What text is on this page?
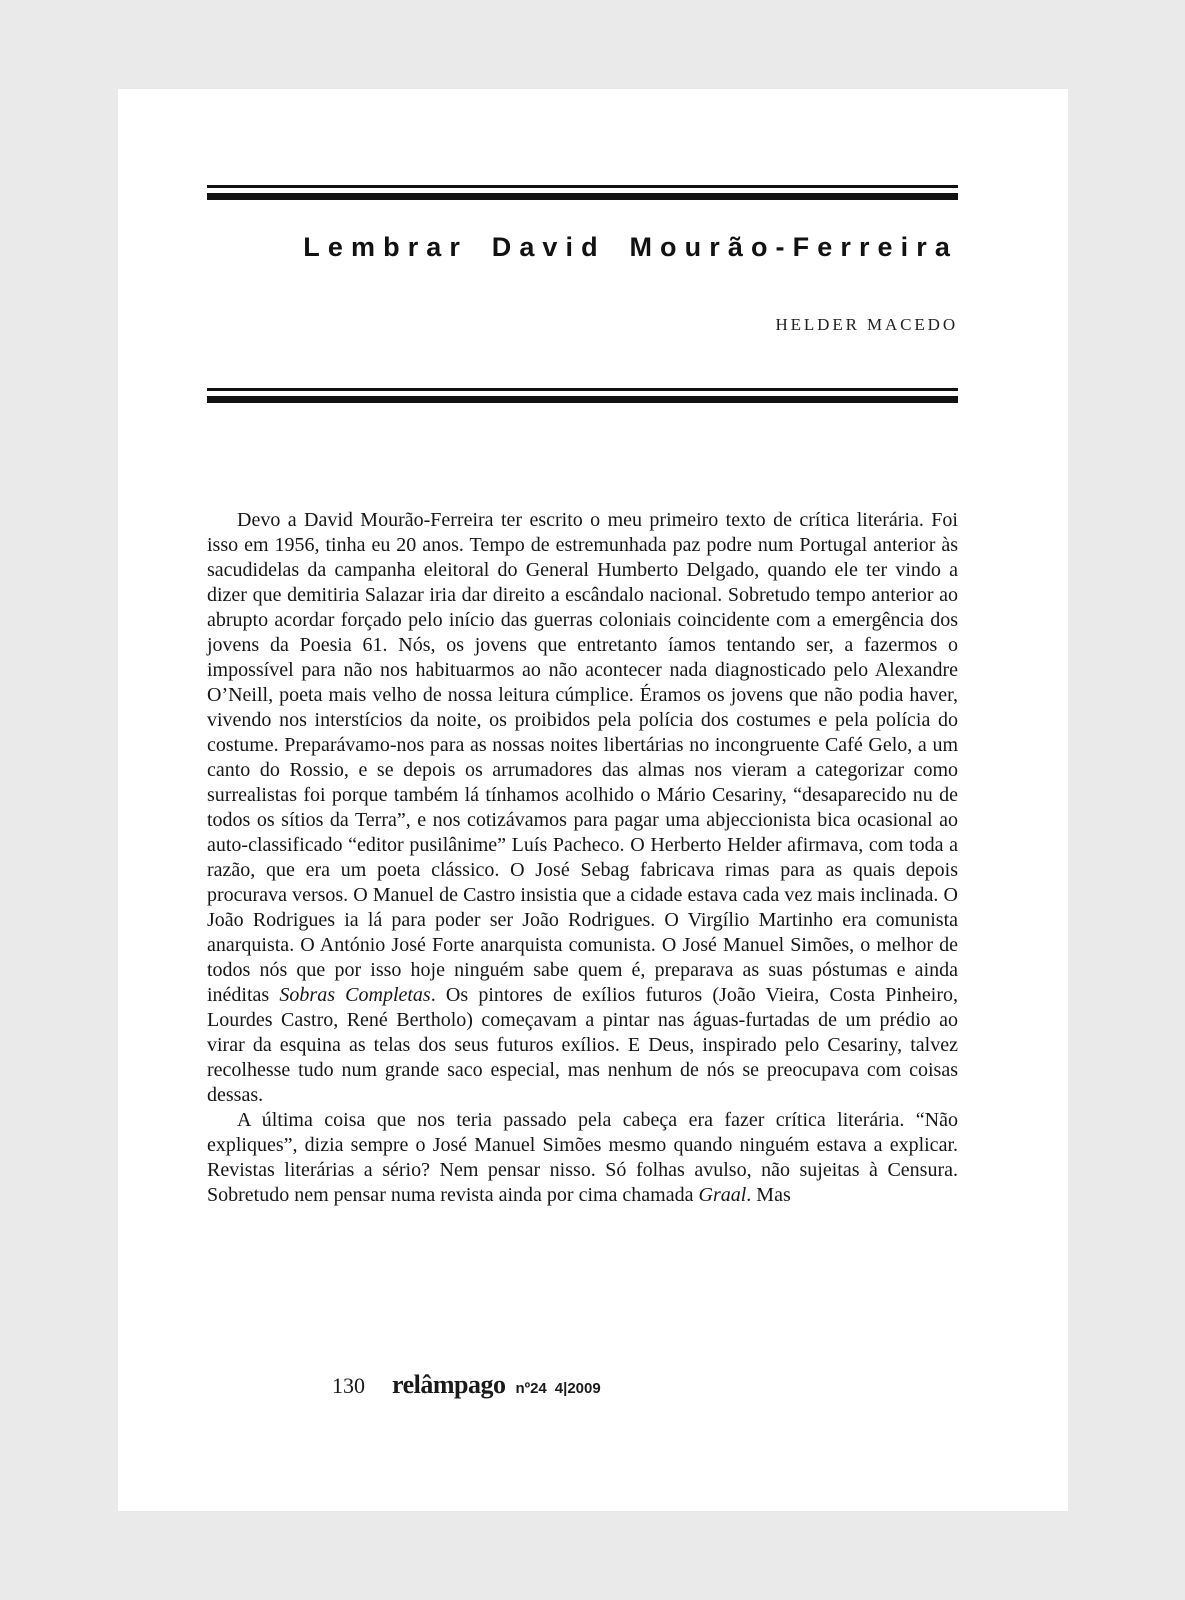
Lembrar David Mourão-Ferreira
HELDER MACEDO

Devo a David Mourão-Ferreira ter escrito o meu primeiro texto de crítica literária. Foi isso em 1956, tinha eu 20 anos. Tempo de estremunhada paz podre num Portugal anterior às sacudidelas da campanha eleitoral do General Humberto Delgado, quando ele ter vindo a dizer que demitiria Salazar iria dar direito a escândalo nacional. Sobretudo tempo anterior ao abrupto acordar forçado pelo início das guerras coloniais coincidente com a emergência dos jovens da Poesia 61. Nós, os jovens que entretanto íamos tentando ser, a fazermos o impossível para não nos habituarmos ao não acontecer nada diagnosticado pelo Alexandre O’Neill, poeta mais velho de nossa leitura cúmplice. Éramos os jovens que não podia haver, vivendo nos interstícios da noite, os proibidos pela polícia dos costumes e pela polícia do costume. Preparávamo-nos para as nossas noites libertárias no incongruente Café Gelo, a um canto do Rossio, e se depois os arrumadores das almas nos vieram a categorizar como surrealistas foi porque também lá tínhamos acolhido o Mário Cesariny, “desaparecido nu de todos os sítios da Terra”, e nos cotizávamos para pagar uma abjeccionista bica ocasional ao auto-classificado “editor pusilânime” Luís Pacheco. O Herberto Helder afirmava, com toda a razão, que era um poeta clássico. O José Sebag fabricava rimas para as quais depois procurava versos. O Manuel de Castro insistia que a cidade estava cada vez mais inclinada. O João Rodrigues ia lá para poder ser João Rodrigues. O Virgílio Martinho era comunista anarquista. O António José Forte anarquista comunista. O José Manuel Simões, o melhor de todos nós que por isso hoje ninguém sabe quem é, preparava as suas póstumas e ainda inéditas Sobras Completas. Os pintores de exílios futuros (João Vieira, Costa Pinheiro, Lourdes Castro, René Bertholo) começavam a pintar nas águas-furtadas de um prédio ao virar da esquina as telas dos seus futuros exílios. E Deus, inspirado pelo Cesariny, talvez recolhesse tudo num grande saco especial, mas nenhum de nós se preocupava com coisas dessas.

A última coisa que nos teria passado pela cabeça era fazer crítica literária. “Não expliques”, dizia sempre o José Manuel Simões mesmo quando ninguém estava a explicar. Revistas literárias a sério? Nem pensar nisso. Só folhas avulso, não sujeitas à Censura. Sobretudo nem pensar numa revista ainda por cima chamada Graal. Mas

130 relâmpago nº24 4|2009
